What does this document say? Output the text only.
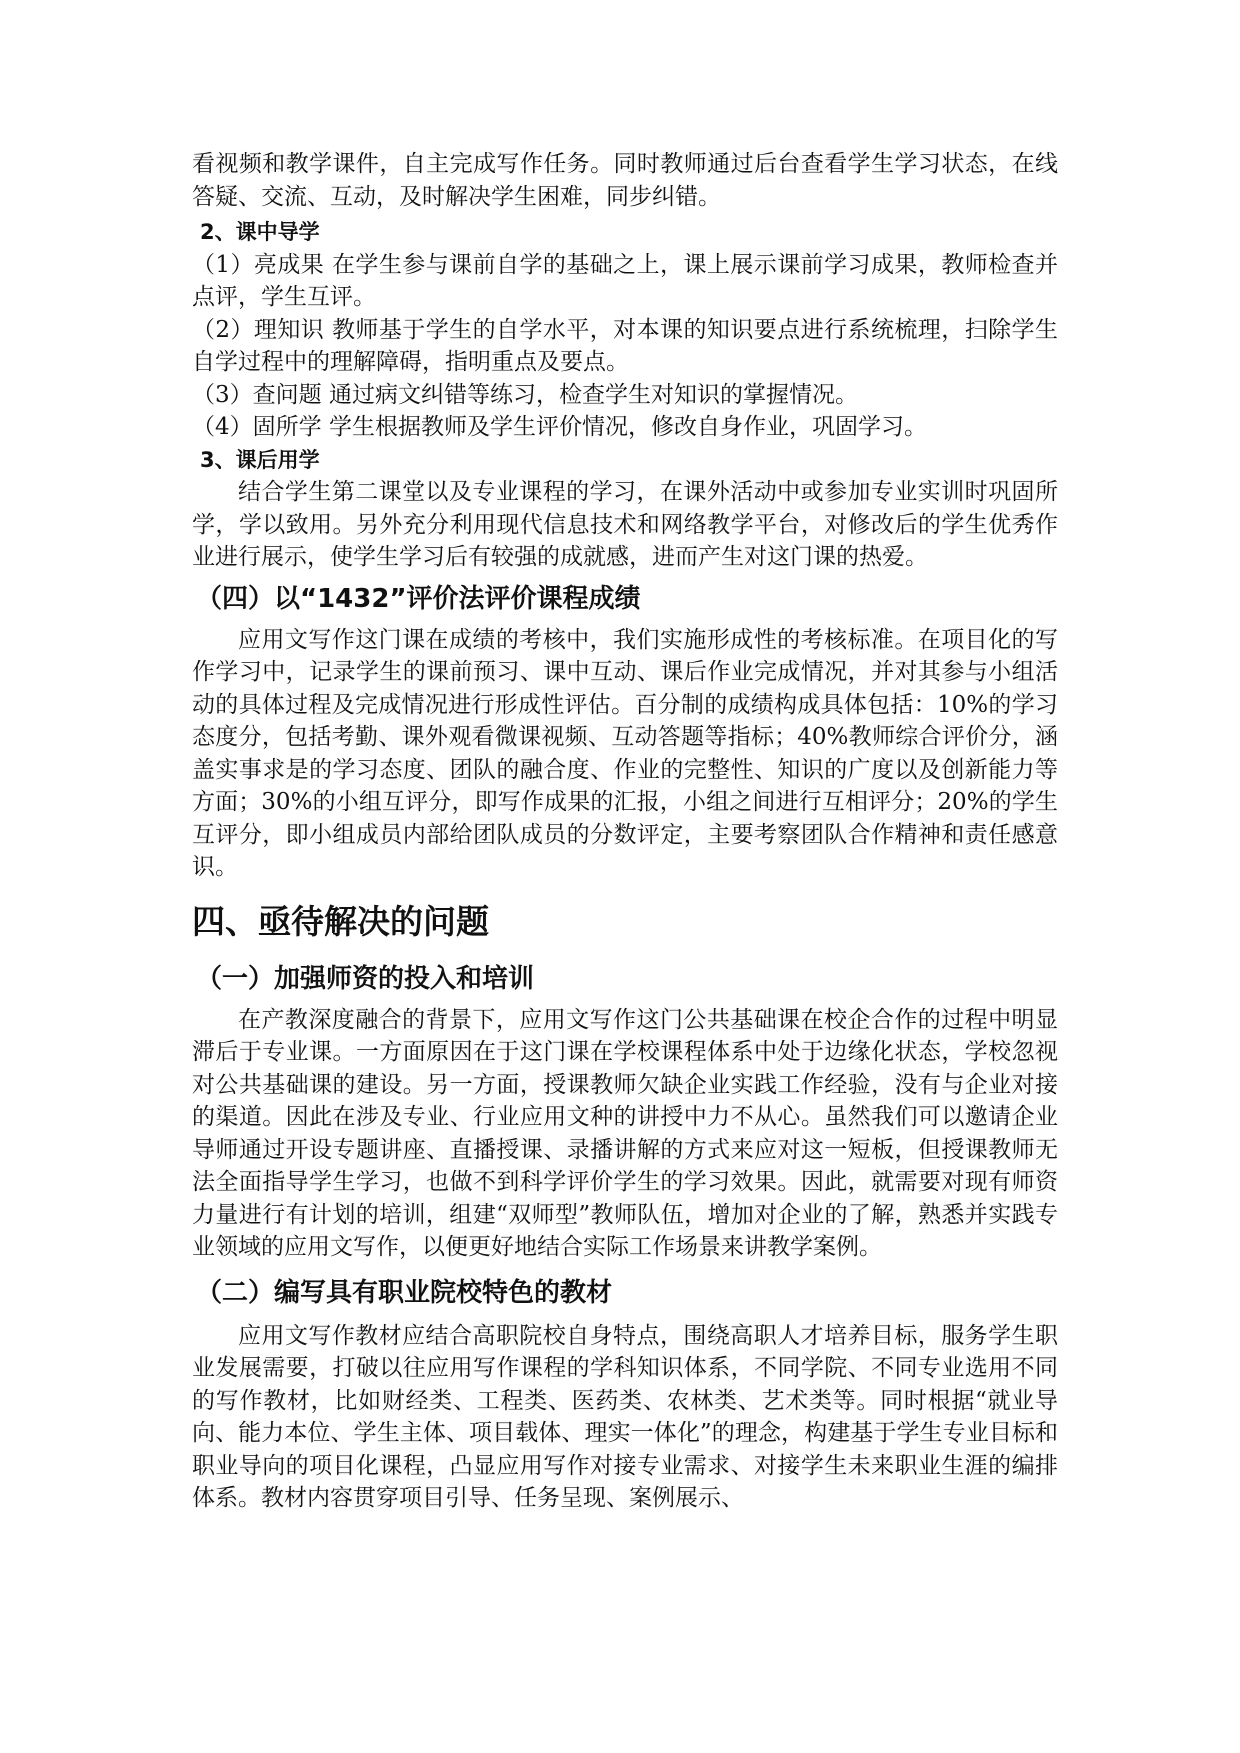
看视频和教学课件，自主完成写作任务。同时教师通过后台查看学生学习状态，在线答疑、交流、互动，及时解决学生困难，同步纠错。

2、课中导学

（1）亮成果 在学生参与课前自学的基础之上，课上展示课前学习成果，教师检查并点评，学生互评。

（2）理知识 教师基于学生的自学水平，对本课的知识要点进行系统梳理，扫除学生自学过程中的理解障碍，指明重点及要点。

（3）查问题 通过病文纠错等练习，检查学生对知识的掌握情况。

（4）固所学 学生根据教师及学生评价情况，修改自身作业，巩固学习。

3、课后用学

结合学生第二课堂以及专业课程的学习，在课外活动中或参加专业实训时巩固所学，学以致用。另外充分利用现代信息技术和网络教学平台，对修改后的学生优秀作业进行展示，使学生学习后有较强的成就感，进而产生对这门课的热爱。

（四）以“1432”评价法评价课程成绩

应用文写作这门课在成绩的考核中，我们实施形成性的考核标准。在项目化的写作学习中，记录学生的课前预习、课中互动、课后作业完成情况，并对其参与小组活动的具体过程及完成情况进行形成性评估。百分制的成绩构成具体包括：10%的学习态度分，包括考勤、课外观看微课视频、互动答题等指标；40%教师综合评价分，涵盖实事求是的学习态度、团队的融合度、作业的完整性、知识的广度以及创新能力等方面；30%的小组互评分，即写作成果的汇报，小组之间进行互相评分；20%的学生互评分，即小组成员内部给团队成员的分数评定，主要考察团队合作精神和责任感意识。

四、亟待解决的问题

（一）加强师资的投入和培训

在产教深度融合的背景下，应用文写作这门公共基础课在校企合作的过程中明显滞后于专业课。一方面原因在于这门课在学校课程体系中处于边缘化状态，学校忽视对公共基础课的建设。另一方面，授课教师欠缺企业实践工作经验，没有与企业对接的渠道。因此在涉及专业、行业应用文种的讲授中力不从心。虽然我们可以邀请企业导师通过开设专题讲座、直播授课、录播讲解的方式来应对这一短板，但授课教师无法全面指导学生学习，也做不到科学评价学生的学习效果。因此，就需要对现有师资力量进行有计划的培训，组建“双师型”教师队伍，增加对企业的了解，熟悉并实践专业领域的应用文写作，以便更好地结合实际工作场景来讲教学案例。

（二）编写具有职业院校特色的教材

应用文写作教材应结合高职院校自身特点，围绕高职人才培养目标，服务学生职业发展需要，打破以往应用写作课程的学科知识体系，不同学院、不同专业选用不同的写作教材，比如财经类、工程类、医药类、农林类、艺术类等。同时根据“就业导向、能力本位、学生主体、项目载体、理实一体化”的理念，构建基于学生专业目标和职业导向的项目化课程，凸显应用写作对接专业需求、对接学生未来职业生涯的编排体系。教材内容贯穿项目引导、任务呈现、案例展示、
